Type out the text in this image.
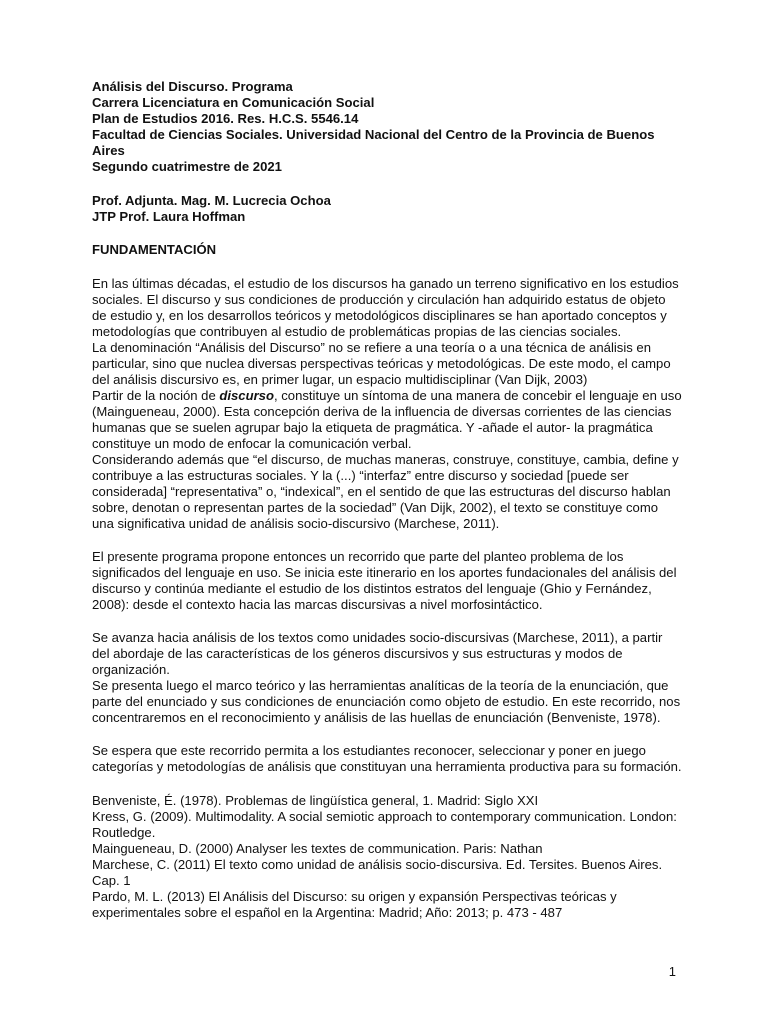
Análisis del Discurso. Programa
Carrera Licenciatura en Comunicación Social
Plan de Estudios 2016. Res. H.C.S. 5546.14
Facultad de Ciencias Sociales. Universidad Nacional del Centro de la Provincia de Buenos Aires
Segundo cuatrimestre de 2021
Prof. Adjunta. Mag. M. Lucrecia Ochoa
JTP Prof. Laura Hoffman
FUNDAMENTACIÓN

En las últimas décadas, el estudio de los discursos ha ganado un terreno significativo en los estudios sociales. El discurso y sus condiciones de producción y circulación han adquirido estatus de objeto de estudio y, en los desarrollos teóricos y metodológicos disciplinares se han aportado conceptos y metodologías que contribuyen al estudio de problemáticas propias de las ciencias sociales.

La denominación “Análisis del Discurso” no se refiere a una teoría o a una técnica de análisis en particular, sino que nuclea diversas perspectivas teóricas y metodológicas. De este modo, el campo del análisis discursivo es, en primer lugar, un espacio multidisciplinar (Van Dijk, 2003)

Partir de la noción de discurso, constituye un síntoma de una manera de concebir el lenguaje en uso (Maingueneau, 2000). Esta concepción deriva de la influencia de diversas corrientes de las ciencias humanas que se suelen agrupar bajo la etiqueta de pragmática. Y -añade el autor- la pragmática constituye un modo de enfocar la comunicación verbal.

Considerando además que “el discurso, de muchas maneras, construye, constituye, cambia, define y contribuye a las estructuras sociales. Y la (...) “interfaz” entre discurso y sociedad [puede ser considerada] “representativa” o, “indexical”, en el sentido de que las estructuras del discurso hablan sobre, denotan o representan partes de la sociedad” (Van Dijk, 2002), el texto se constituye como una significativa unidad de análisis socio-discursivo (Marchese, 2011).

El presente programa propone entonces un recorrido que parte del planteo problema de los significados del lenguaje en uso. Se inicia este itinerario en los aportes fundacionales del análisis del discurso y continúa mediante el estudio de los distintos estratos del lenguaje (Ghio y Fernández, 2008): desde el contexto hacia las marcas discursivas a nivel morfosintáctico.

Se avanza hacia análisis de los textos como unidades socio-discursivas (Marchese, 2011), a partir del abordaje de las características de los géneros discursivos y sus estructuras y modos de organización.

Se presenta luego el marco teórico y las herramientas analíticas de la teoría de la enunciación, que parte del enunciado y sus condiciones de enunciación como objeto de estudio. En este recorrido, nos concentraremos en el reconocimiento y análisis de las huellas de enunciación (Benveniste, 1978).

Se espera que este recorrido permita a los estudiantes reconocer, seleccionar y poner en juego categorías y metodologías de análisis que constituyan una herramienta productiva para su formación.

Benveniste, É. (1978). Problemas de lingüística general, 1. Madrid: Siglo XXI
Kress, G. (2009). Multimodality. A social semiotic approach to contemporary communication. London: Routledge.
Maingueneau, D. (2000) Analyser les textes de communication. Paris: Nathan
Marchese, C. (2011) El texto como unidad de análisis socio-discursiva. Ed. Tersites. Buenos Aires. Cap. 1
Pardo, M. L. (2013) El Análisis del Discurso: su origen y expansión Perspectivas teóricas y experimentales sobre el español en la Argentina: Madrid; Año: 2013; p. 473 - 487
1
